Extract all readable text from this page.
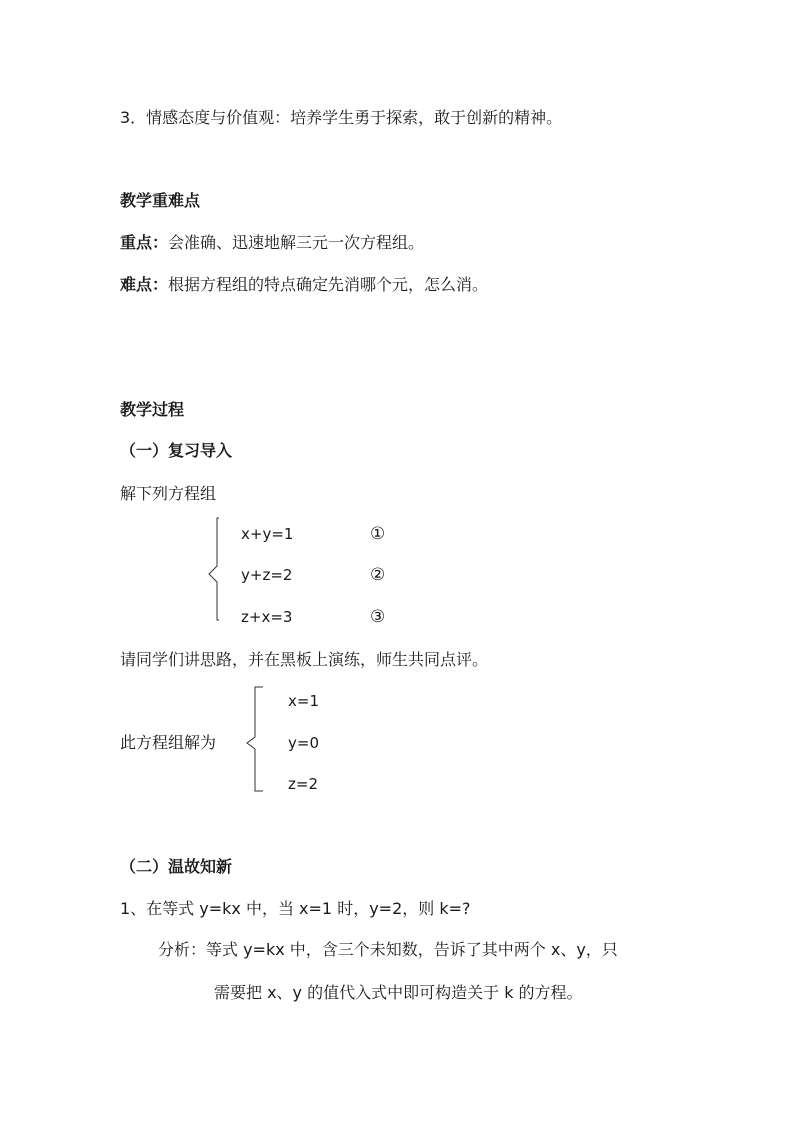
3．情感态度与价值观：培养学生勇于探索，敢于创新的精神。
教学重难点
重点：会准确、迅速地解三元一次方程组。
难点：根据方程组的特点确定先消哪个元，怎么消。
教学过程
（一）复习导入
解下列方程组
x+y=1	①
y+z=2	②
z+x=3	③
请同学们讲思路，并在黑板上演练，师生共同点评。
此方程组解为
x=1
y=0
z=2
（二）温故知新
1、在等式 y=kx 中，当 x=1 时，y=2，则 k=?
分析：等式 y=kx 中，含三个未知数，告诉了其中两个 x、y，只
需要把 x、y 的值代入式中即可构造关于 k 的方程。
